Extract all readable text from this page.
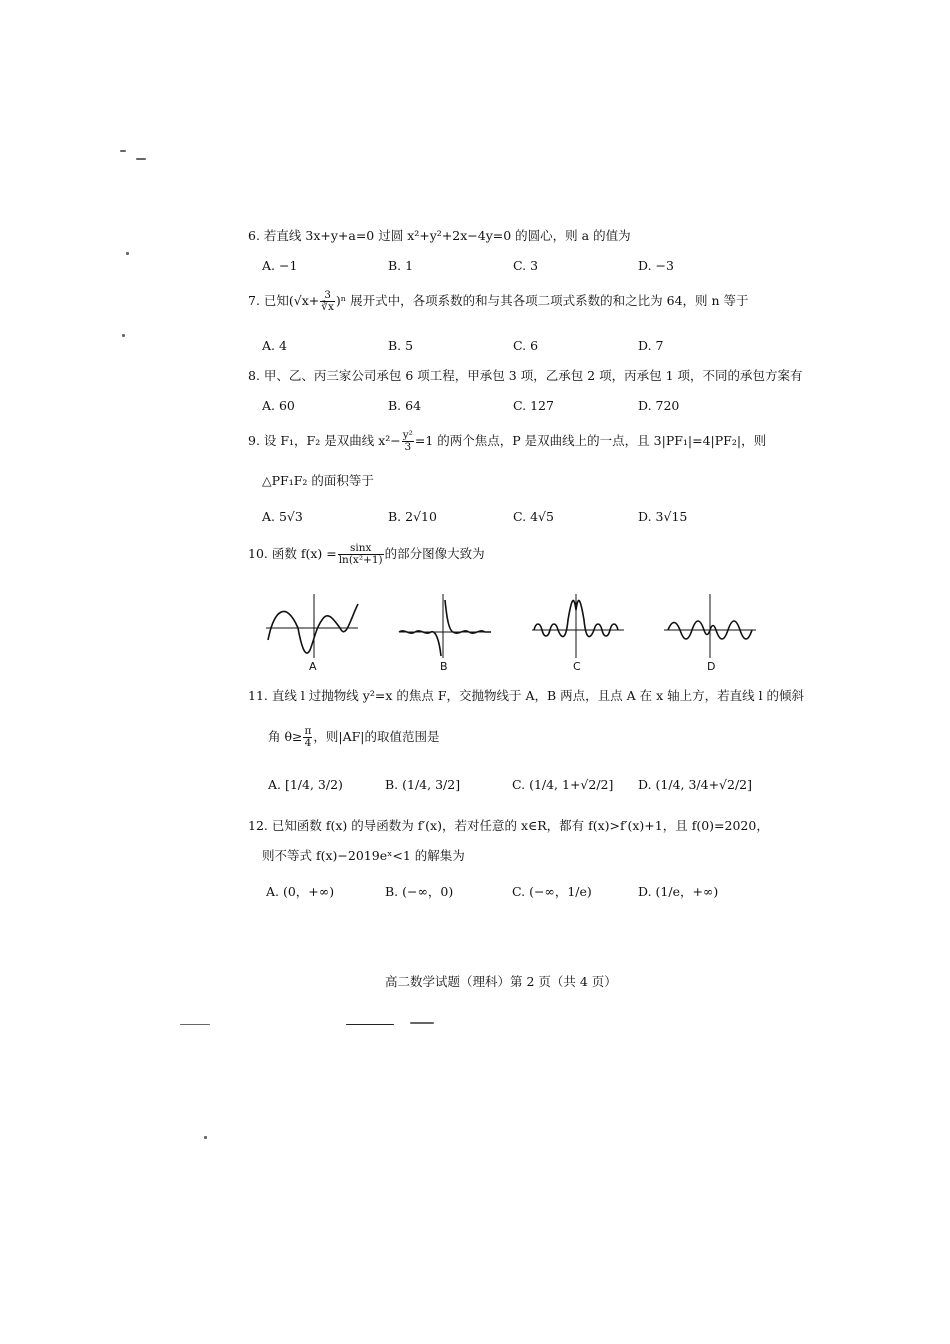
6. 若直线 3x+y+a=0 过圆 x²+y²+2x−4y=0 的圆心，则 a 的值为
A. −1	B. 1	C. 3	D. −3
7. 已知$(√x+ \frac{3}{∛x} )^n$ 展开式中，各项系数的和与其各项二项式系数的和之比为 64，则 n 等于
A. 4	B. 5	C. 6	D. 7
8. 甲、乙、丙三家公司承包 6 项工程，甲承包 3 项，乙承包 2 项，丙承包 1 项，不同的承包方案有
A. 60	B. 64	C. 127	D. 720
9. 设 F₁，F₂ 是双曲线 $x^2- \frac{\text{y²}}{3} =1$ 的两个焦点，P 是双曲线上的一点，且 3|PF₁|=4|PF₂|，则
△PF₁F₂ 的面积等于
A. 5√3	B. 2√10	C. 4√5	D. 3√15
10. 函数 $f(x) = \frac{\sin x}{\text{ln(x²+1)}}$ 的部分图像大致为
A	B	C	D
11. 直线 l 过抛物线 y²=x 的焦点 F，交抛物线于 A，B 两点，且点 A 在 x 轴上方，若直线 l 的倾斜
角 $\theta\ge \frac{\pi}{4}$ ，则|AF|的取值范围是
A. [1/4, 3/2)	B. (1/4, 3/2]	C. (1/4, 1+√2/2] D. (1/4, 3/4+√2/2]
12. 已知函数 f(x) 的导函数为 f′(x)，若对任意的 x∈R，都有 f(x)>f′(x)+1，且 f(0)=2020，
则不等式 f(x)−2019eˣ<1 的解集为
A. (0，+∞)	B. (−∞，0)	C. (−∞，1/e)	D. (1/e，+∞)
高二数学试题（理科）第 2 页（共 4 页）
